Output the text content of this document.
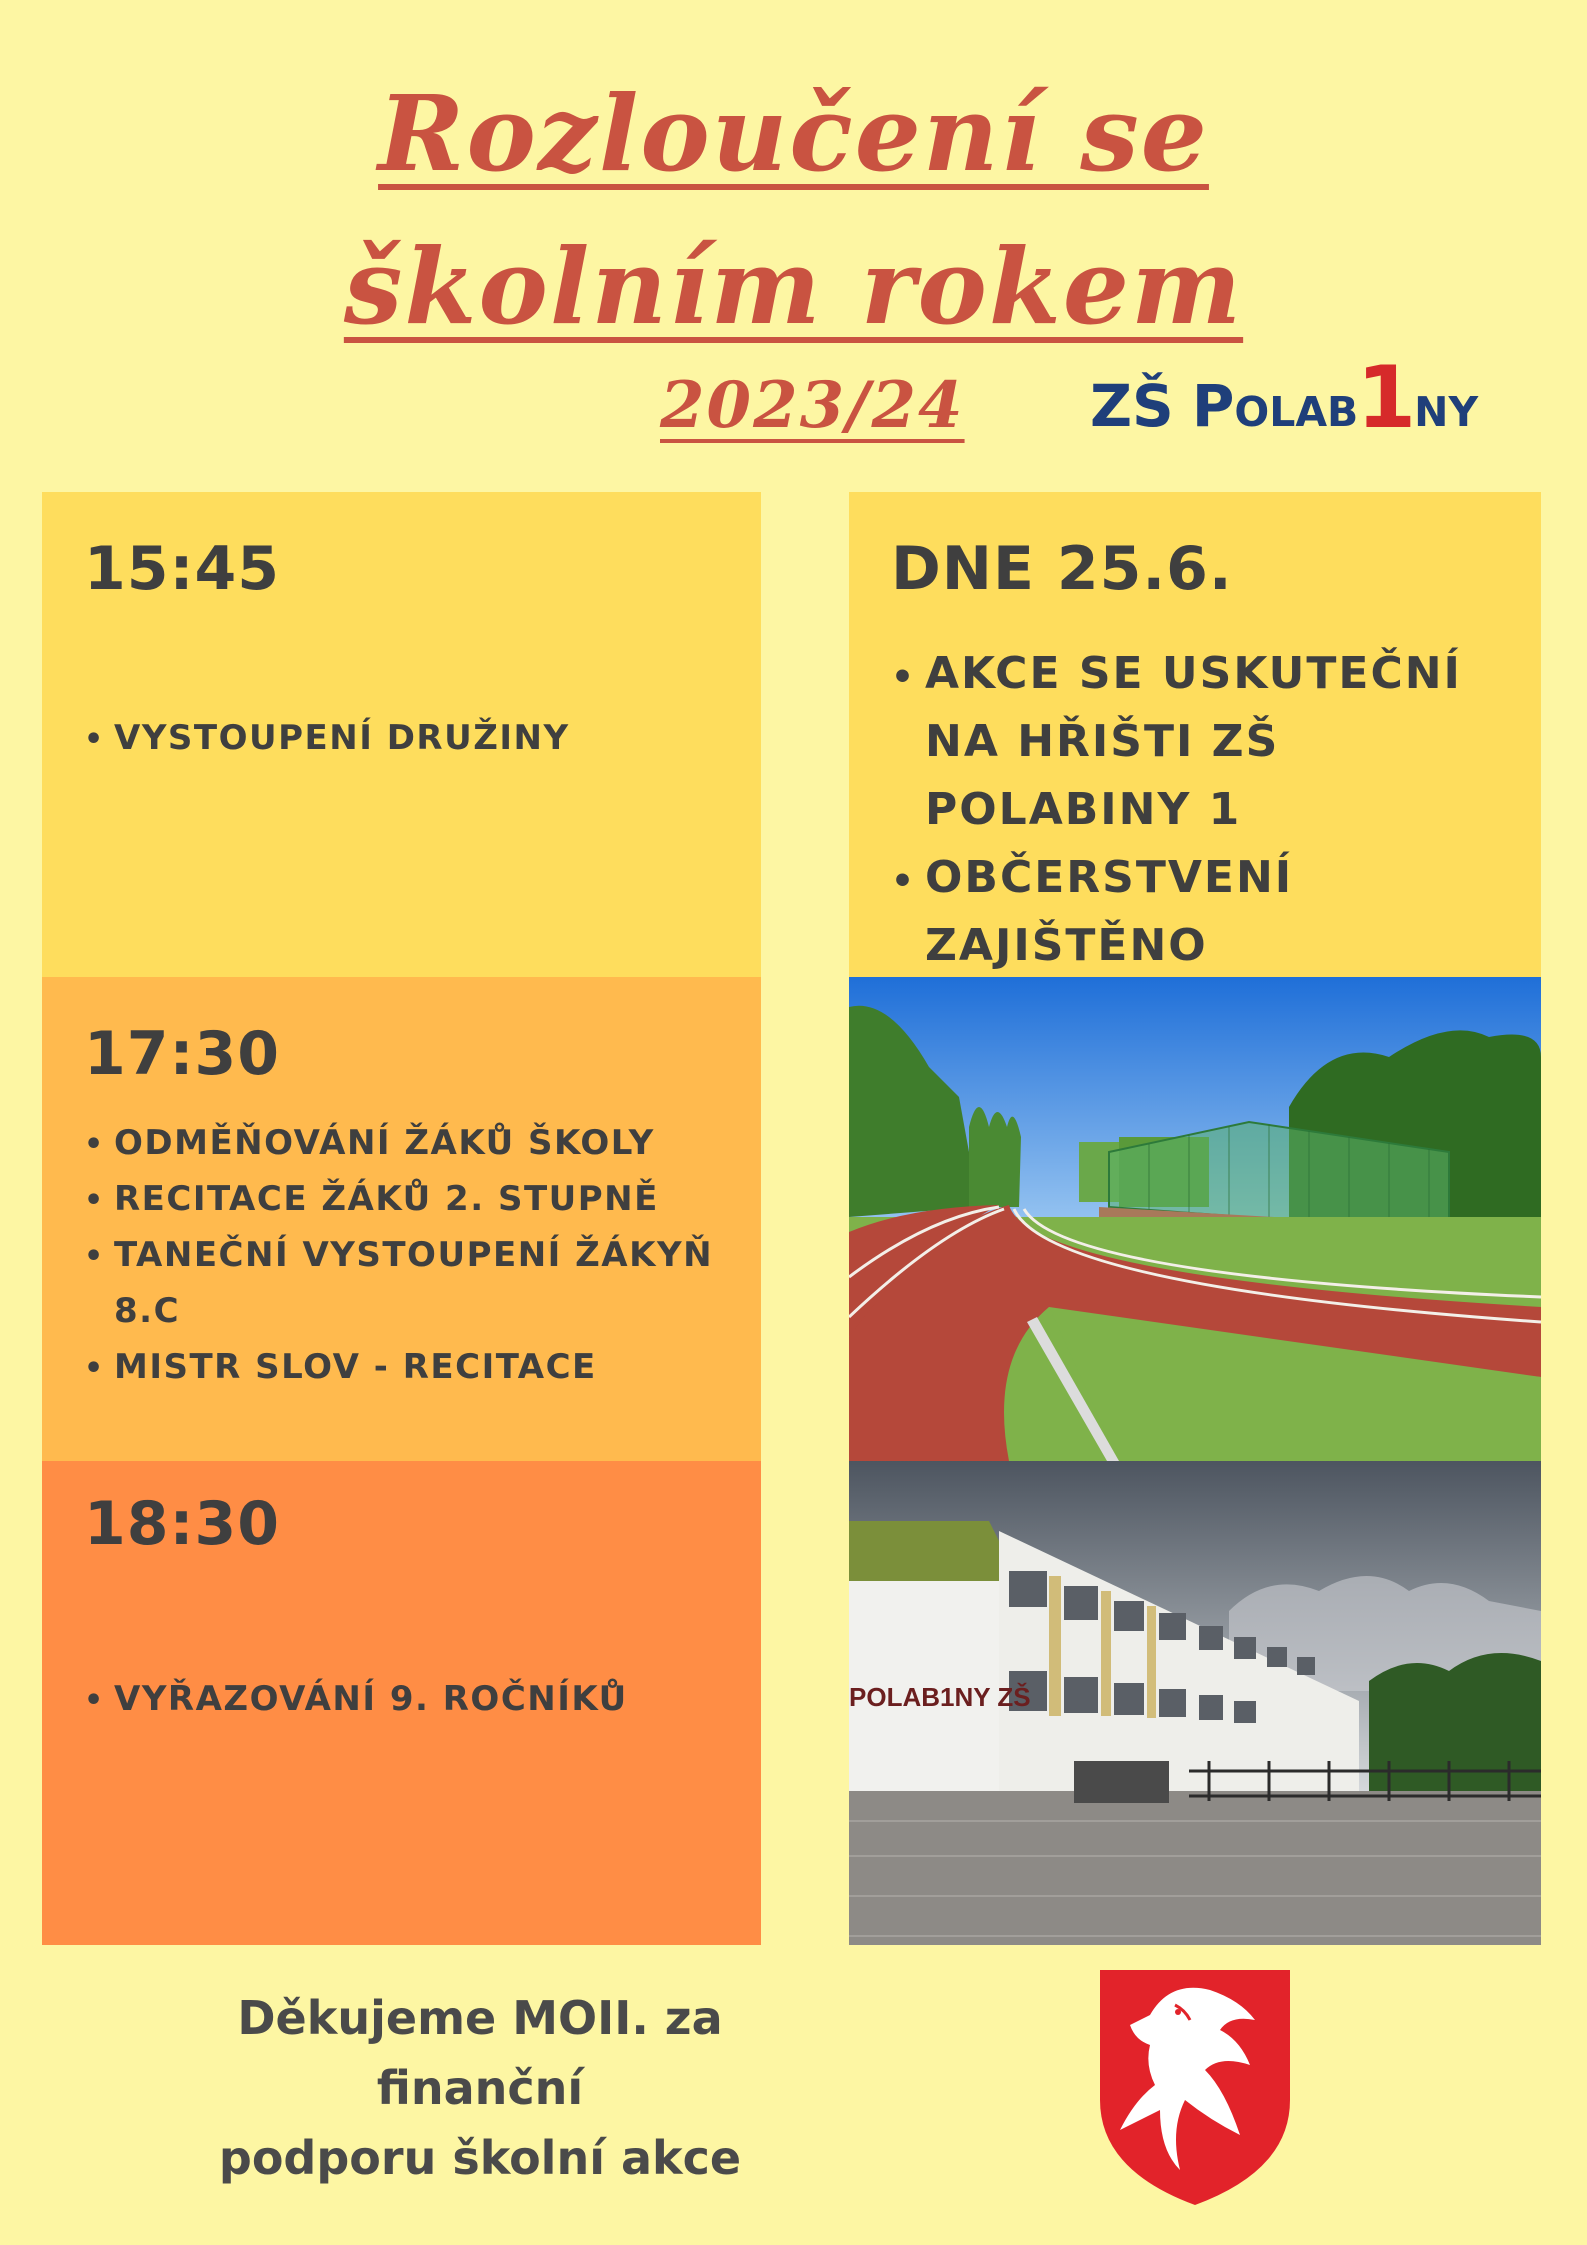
Rozloučení se
školním rokem

2023/24 ZŠ Polab
1
ny

15:45

• VYSTOUPENÍ DRUŽINY

17:30

• ODMĚŇOVÁNÍ ŽÁKŮ ŠKOLY
• RECITACE ŽÁKŮ 2. STUPNĚ
• TANEČNÍ VYSTOUPENÍ ŽÁKYŇ 8.C
• MISTR SLOV - RECITACE

18:30

• VYŘAZOVÁNÍ 9. ROČNÍKŮ

DNE 25.6.

• AKCE SE USKUTEČNÍ NA HŘIŠTI ZŠ POLABINY 1
• OBČERSTVENÍ ZAJIŠTĚNO
•
POLAB1NY ZŠ

Děkujeme MOII. za finanční
podporu školní akce
